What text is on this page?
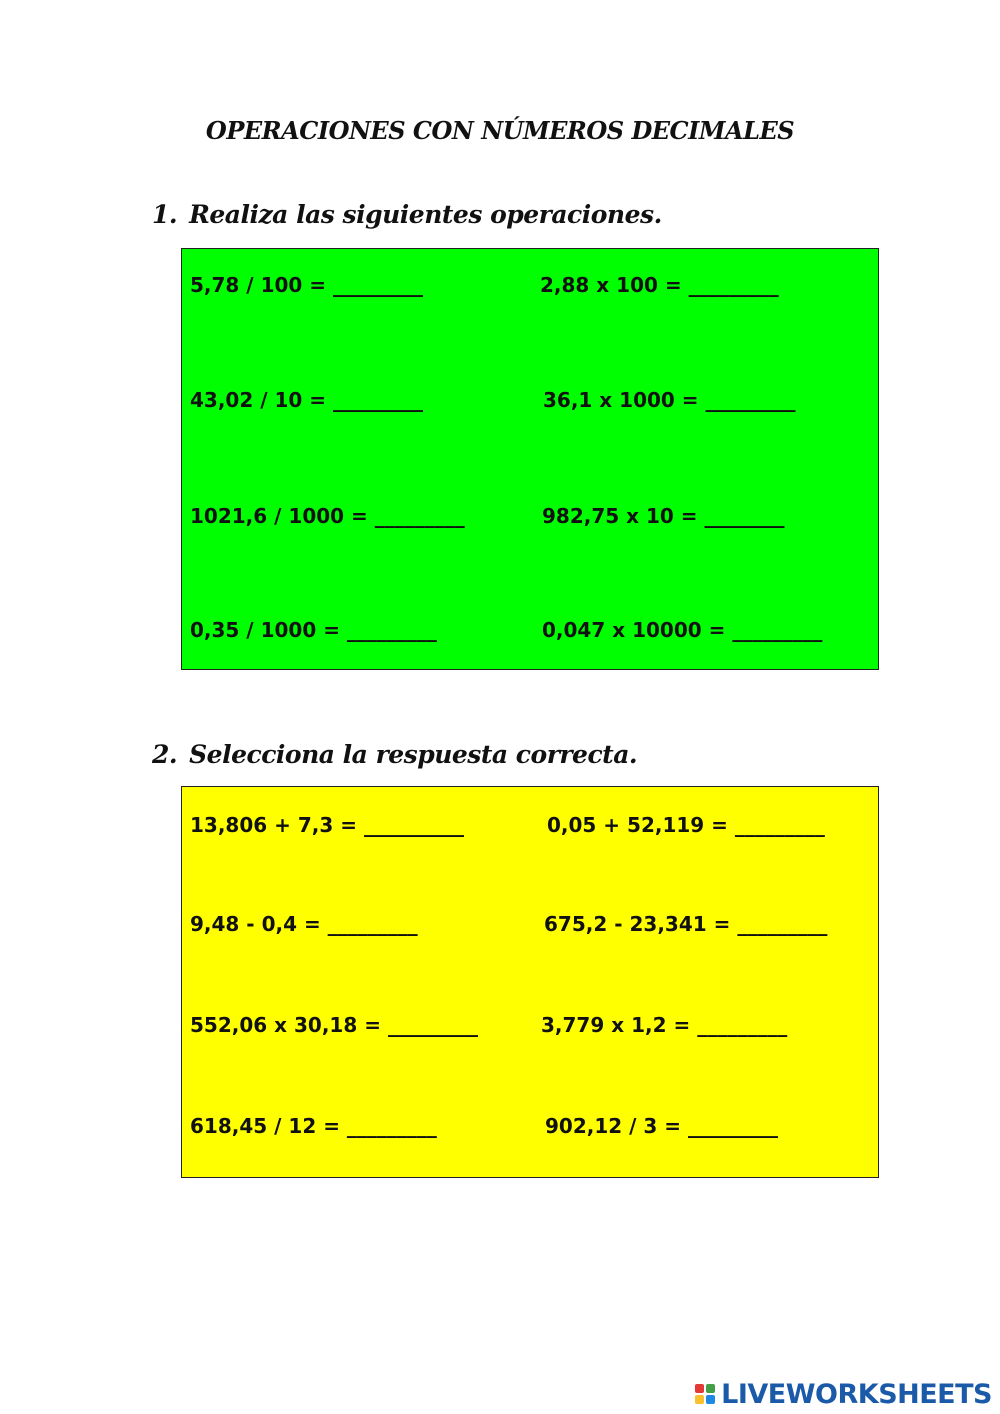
OPERACIONES CON NÚMEROS DECIMALES
1. Realiza las siguientes operaciones.
5,78 / 100 = _________	2,88 x 100 = _________
43,02 / 10 = _________	36,1 x 1000 = _________
1021,6 / 1000 = _________	982,75 x 10 = ________
0,35 / 1000 = _________	0,047 x 10000 = _________
2. Selecciona la respuesta correcta.
13,806 + 7,3 = __________	0,05 + 52,119 = _________
9,48 - 0,4 = _________	675,2 - 23,341 = _________
552,06 x 30,18 = _________	3,779 x 1,2 = _________
618,45 / 12 = _________	902,12 / 3 = _________
LIVEWORKSHEETS
